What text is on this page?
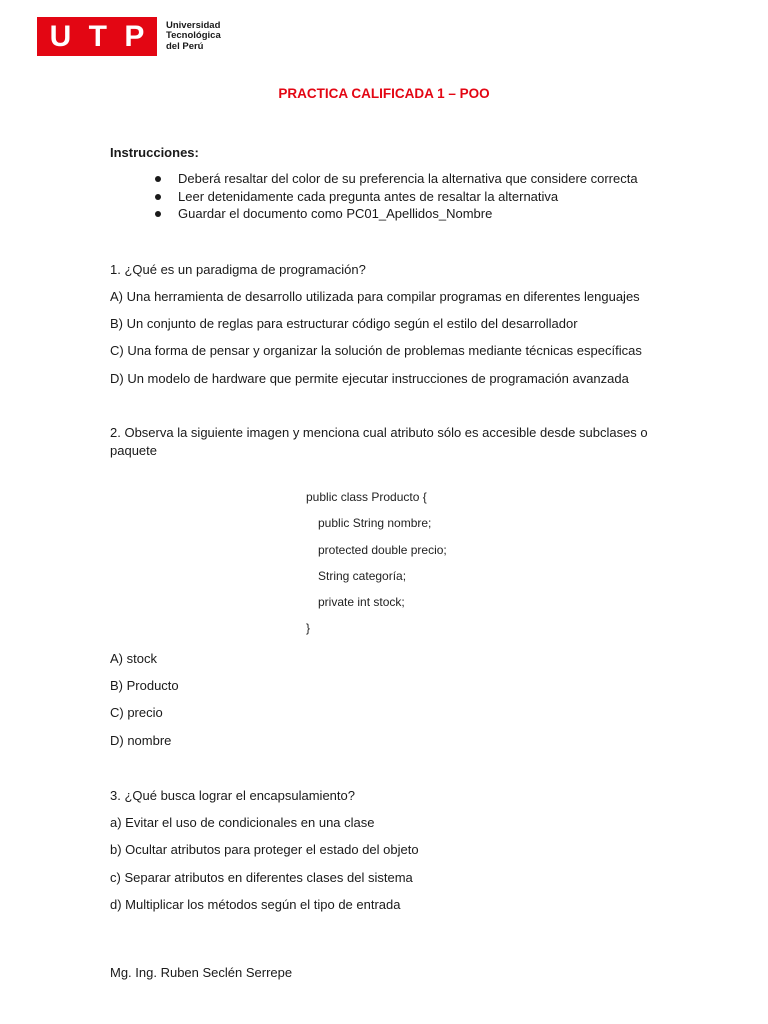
U T P Universidad
Tecnológica
del Perú
PRACTICA CALIFICADA 1 – POO
Instrucciones:
Deberá resaltar del color de su preferencia la alternativa que considere correcta
Leer detenidamente cada pregunta antes de resaltar la alternativa
Guardar el documento como PC01_Apellidos_Nombre
1. ¿Qué es un paradigma de programación?
A) Una herramienta de desarrollo utilizada para compilar programas en diferentes lenguajes
B) Un conjunto de reglas para estructurar código según el estilo del desarrollador
C) Una forma de pensar y organizar la solución de problemas mediante técnicas específicas
D) Un modelo de hardware que permite ejecutar instrucciones de programación avanzada
2. Observa la siguiente imagen y menciona cual atributo sólo es accesible desde subclases o paquete
public class Producto {
public String nombre;
protected double precio;
String categoría;
private int stock;
}
A) stock
B) Producto
C) precio
D) nombre
3. ¿Qué busca lograr el encapsulamiento?
a) Evitar el uso de condicionales en una clase
b) Ocultar atributos para proteger el estado del objeto
c) Separar atributos en diferentes clases del sistema
d) Multiplicar los métodos según el tipo de entrada
Mg. Ing. Ruben Seclén Serrepe
